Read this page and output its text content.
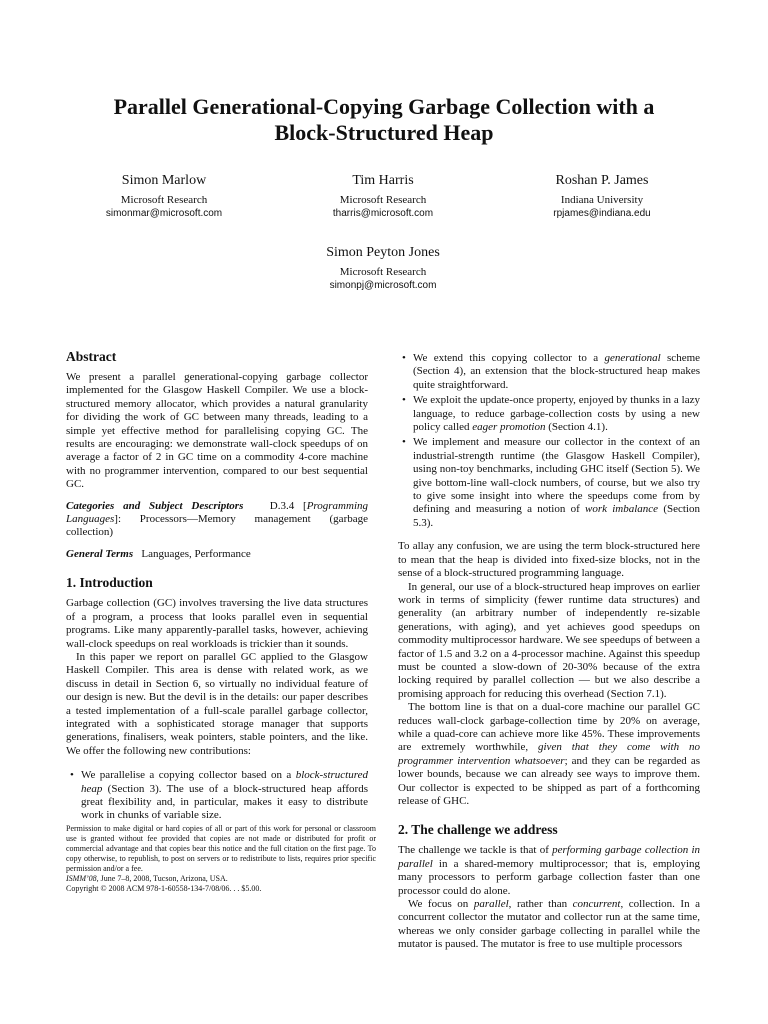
Parallel Generational-Copying Garbage Collection with a
Block-Structured Heap
Simon Marlow
Microsoft Research
simonmar@microsoft.com
Tim Harris
Microsoft Research
tharris@microsoft.com
Roshan P. James
Indiana University
rpjames@indiana.edu
Simon Peyton Jones
Microsoft Research
simonpj@microsoft.com
Abstract

We present a parallel generational-copying garbage collector implemented for the Glasgow Haskell Compiler. We use a block-structured memory allocator, which provides a natural granularity for dividing the work of GC between many threads, leading to a simple yet effective method for parallelising copying GC. The results are encouraging: we demonstrate wall-clock speedups of on average a factor of 2 in GC time on a commodity 4-core machine with no programmer intervention, compared to our best sequential GC.

Categories and Subject Descriptors D.3.4 [Programming Languages]: Processors—Memory management (garbage collection)

General Terms Languages, Performance

1. Introduction

Garbage collection (GC) involves traversing the live data structures of a program, a process that looks parallel even in sequential programs. Like many apparently-parallel tasks, however, achieving wall-clock speedups on real workloads is trickier than it sounds.

In this paper we report on parallel GC applied to the Glasgow Haskell Compiler. This area is dense with related work, as we discuss in detail in Section 6, so virtually no individual feature of our design is new. But the devil is in the details: our paper describes a tested implementation of a full-scale parallel garbage collector, integrated with a sophisticated storage manager that supports generations, finalisers, weak pointers, stable pointers, and the like. We offer the following new contributions:

• We parallelise a copying collector based on a block-structured heap (Section 3). The use of a block-structured heap affords great flexibility and, in particular, makes it easy to distribute work in chunks of variable size.

Permission to make digital or hard copies of all or part of this work for personal or classroom use is granted without fee provided that copies are not made or distributed for profit or commercial advantage and that copies bear this notice and the full citation on the first page. To copy otherwise, to republish, to post on servers or to redistribute to lists, requires prior specific permission and/or a fee.

ISMM’08, June 7–8, 2008, Tucson, Arizona, USA.

Copyright © 2008 ACM 978-1-60558-134-7/08/06. . . $5.00.

• We extend this copying collector to a generational scheme (Section 4), an extension that the block-structured heap makes quite straightforward.
• We exploit the update-once property, enjoyed by thunks in a lazy language, to reduce garbage-collection costs by using a new policy called eager promotion (Section 4.1).
• We implement and measure our collector in the context of an industrial-strength runtime (the Glasgow Haskell Compiler), using non-toy benchmarks, including GHC itself (Section 5). We give bottom-line wall-clock numbers, of course, but we also try to give some insight into where the speedups come from by defining and measuring a notion of work imbalance (Section 5.3).

To allay any confusion, we are using the term block-structured here to mean that the heap is divided into fixed-size blocks, not in the sense of a block-structured programming language.

In general, our use of a block-structured heap improves on earlier work in terms of simplicity (fewer runtime data structures) and generality (an arbitrary number of independently re-sizable generations, with aging), and yet achieves good speedups on commodity multiprocessor hardware. We see speedups of between a factor of 1.5 and 3.2 on a 4-processor machine. Against this speedup must be counted a slow-down of 20-30% because of the extra locking required by parallel collection — but we also describe a promising approach for reducing this overhead (Section 7.1).

The bottom line is that on a dual-core machine our parallel GC reduces wall-clock garbage-collection time by 20% on average, while a quad-core can achieve more like 45%. These improvements are extremely worthwhile, given that they come with no programmer intervention whatsoever; and they can be regarded as lower bounds, because we can already see ways to improve them. Our collector is expected to be shipped as part of a forthcoming release of GHC.

2. The challenge we address

The challenge we tackle is that of performing garbage collection in parallel in a shared-memory multiprocessor; that is, employing many processors to perform garbage collection faster than one processor could do alone.

We focus on parallel, rather than concurrent, collection. In a concurrent collector the mutator and collector run at the same time, whereas we only consider garbage collecting in parallel while the mutator is paused. The mutator is free to use multiple processors
